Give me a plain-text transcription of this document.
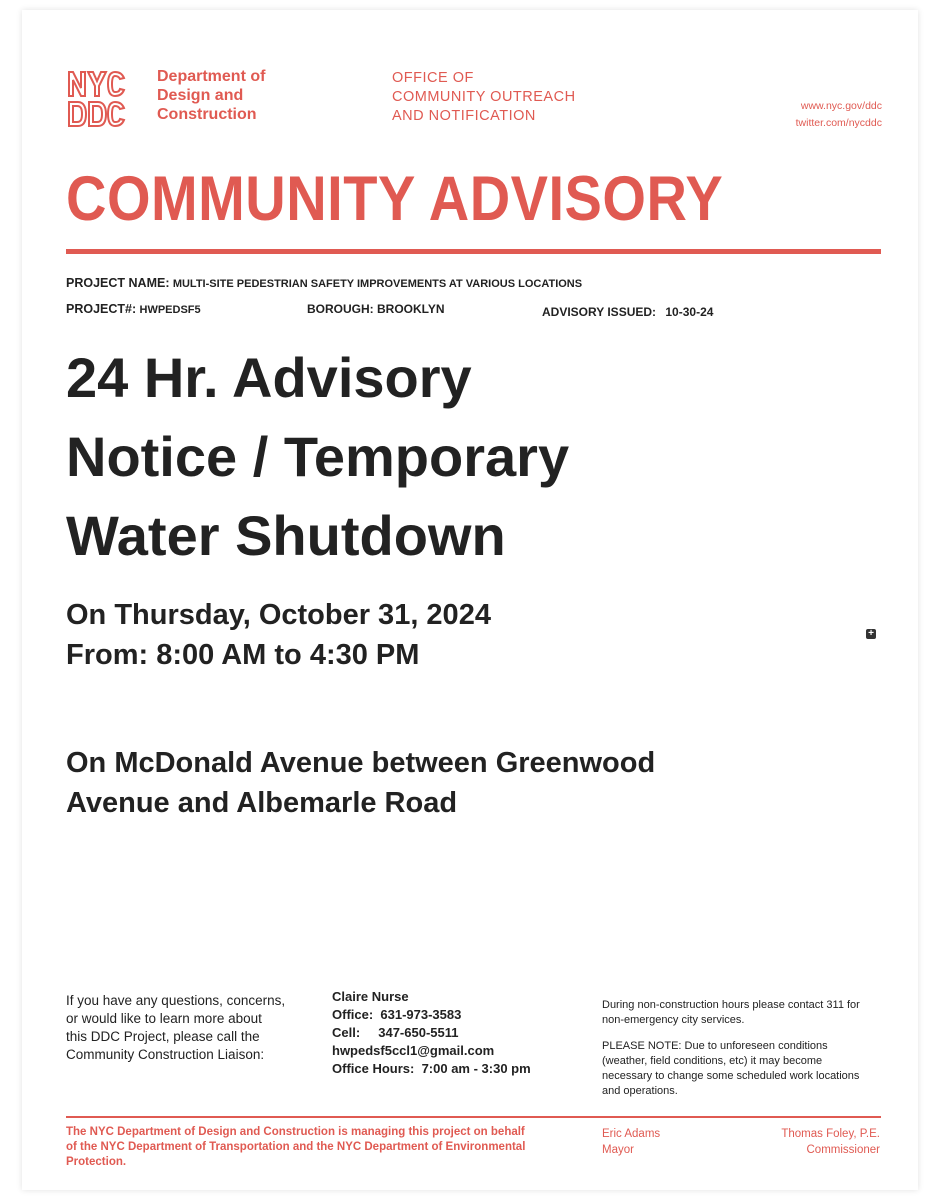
Department of
Design and
Construction
OFFICE OF
COMMUNITY OUTREACH
AND NOTIFICATION
www.nyc.gov/ddc
twitter.com/nycddc
COMMUNITY ADVISORY
PROJECT NAME: MULTI-SITE PEDESTRIAN SAFETY IMPROVEMENTS AT VARIOUS LOCATIONS
PROJECT#: HWPEDSF5	BOROUGH: BROOKLYN	ADVISORY ISSUED: 10-30-24
24 Hr. Advisory
Notice / Temporary
Water Shutdown
On Thursday, October 31, 2024
From: 8:00 AM to 4:30 PM
+
On McDonald Avenue between Greenwood
Avenue and Albemarle Road
If you have any questions, concerns,
or would like to learn more about
this DDC Project, please call the
Community Construction Liaison:
Claire Nurse
Office:  631-973-3583
Cell:     347-650-5511
hwpedsf5ccl1@gmail.com
Office Hours:  7:00 am - 3:30 pm

During non-construction hours please contact 311 for non-emergency city services.

PLEASE NOTE: Due to unforeseen conditions (weather, field conditions, etc) it may become necessary to change some scheduled work locations and operations.

The NYC Department of Design and Construction is managing this project on behalf of the NYC Department of Transportation and the NYC Department of Environmental Protection.
Eric Adams
Mayor
Thomas Foley, P.E.
Commissioner
